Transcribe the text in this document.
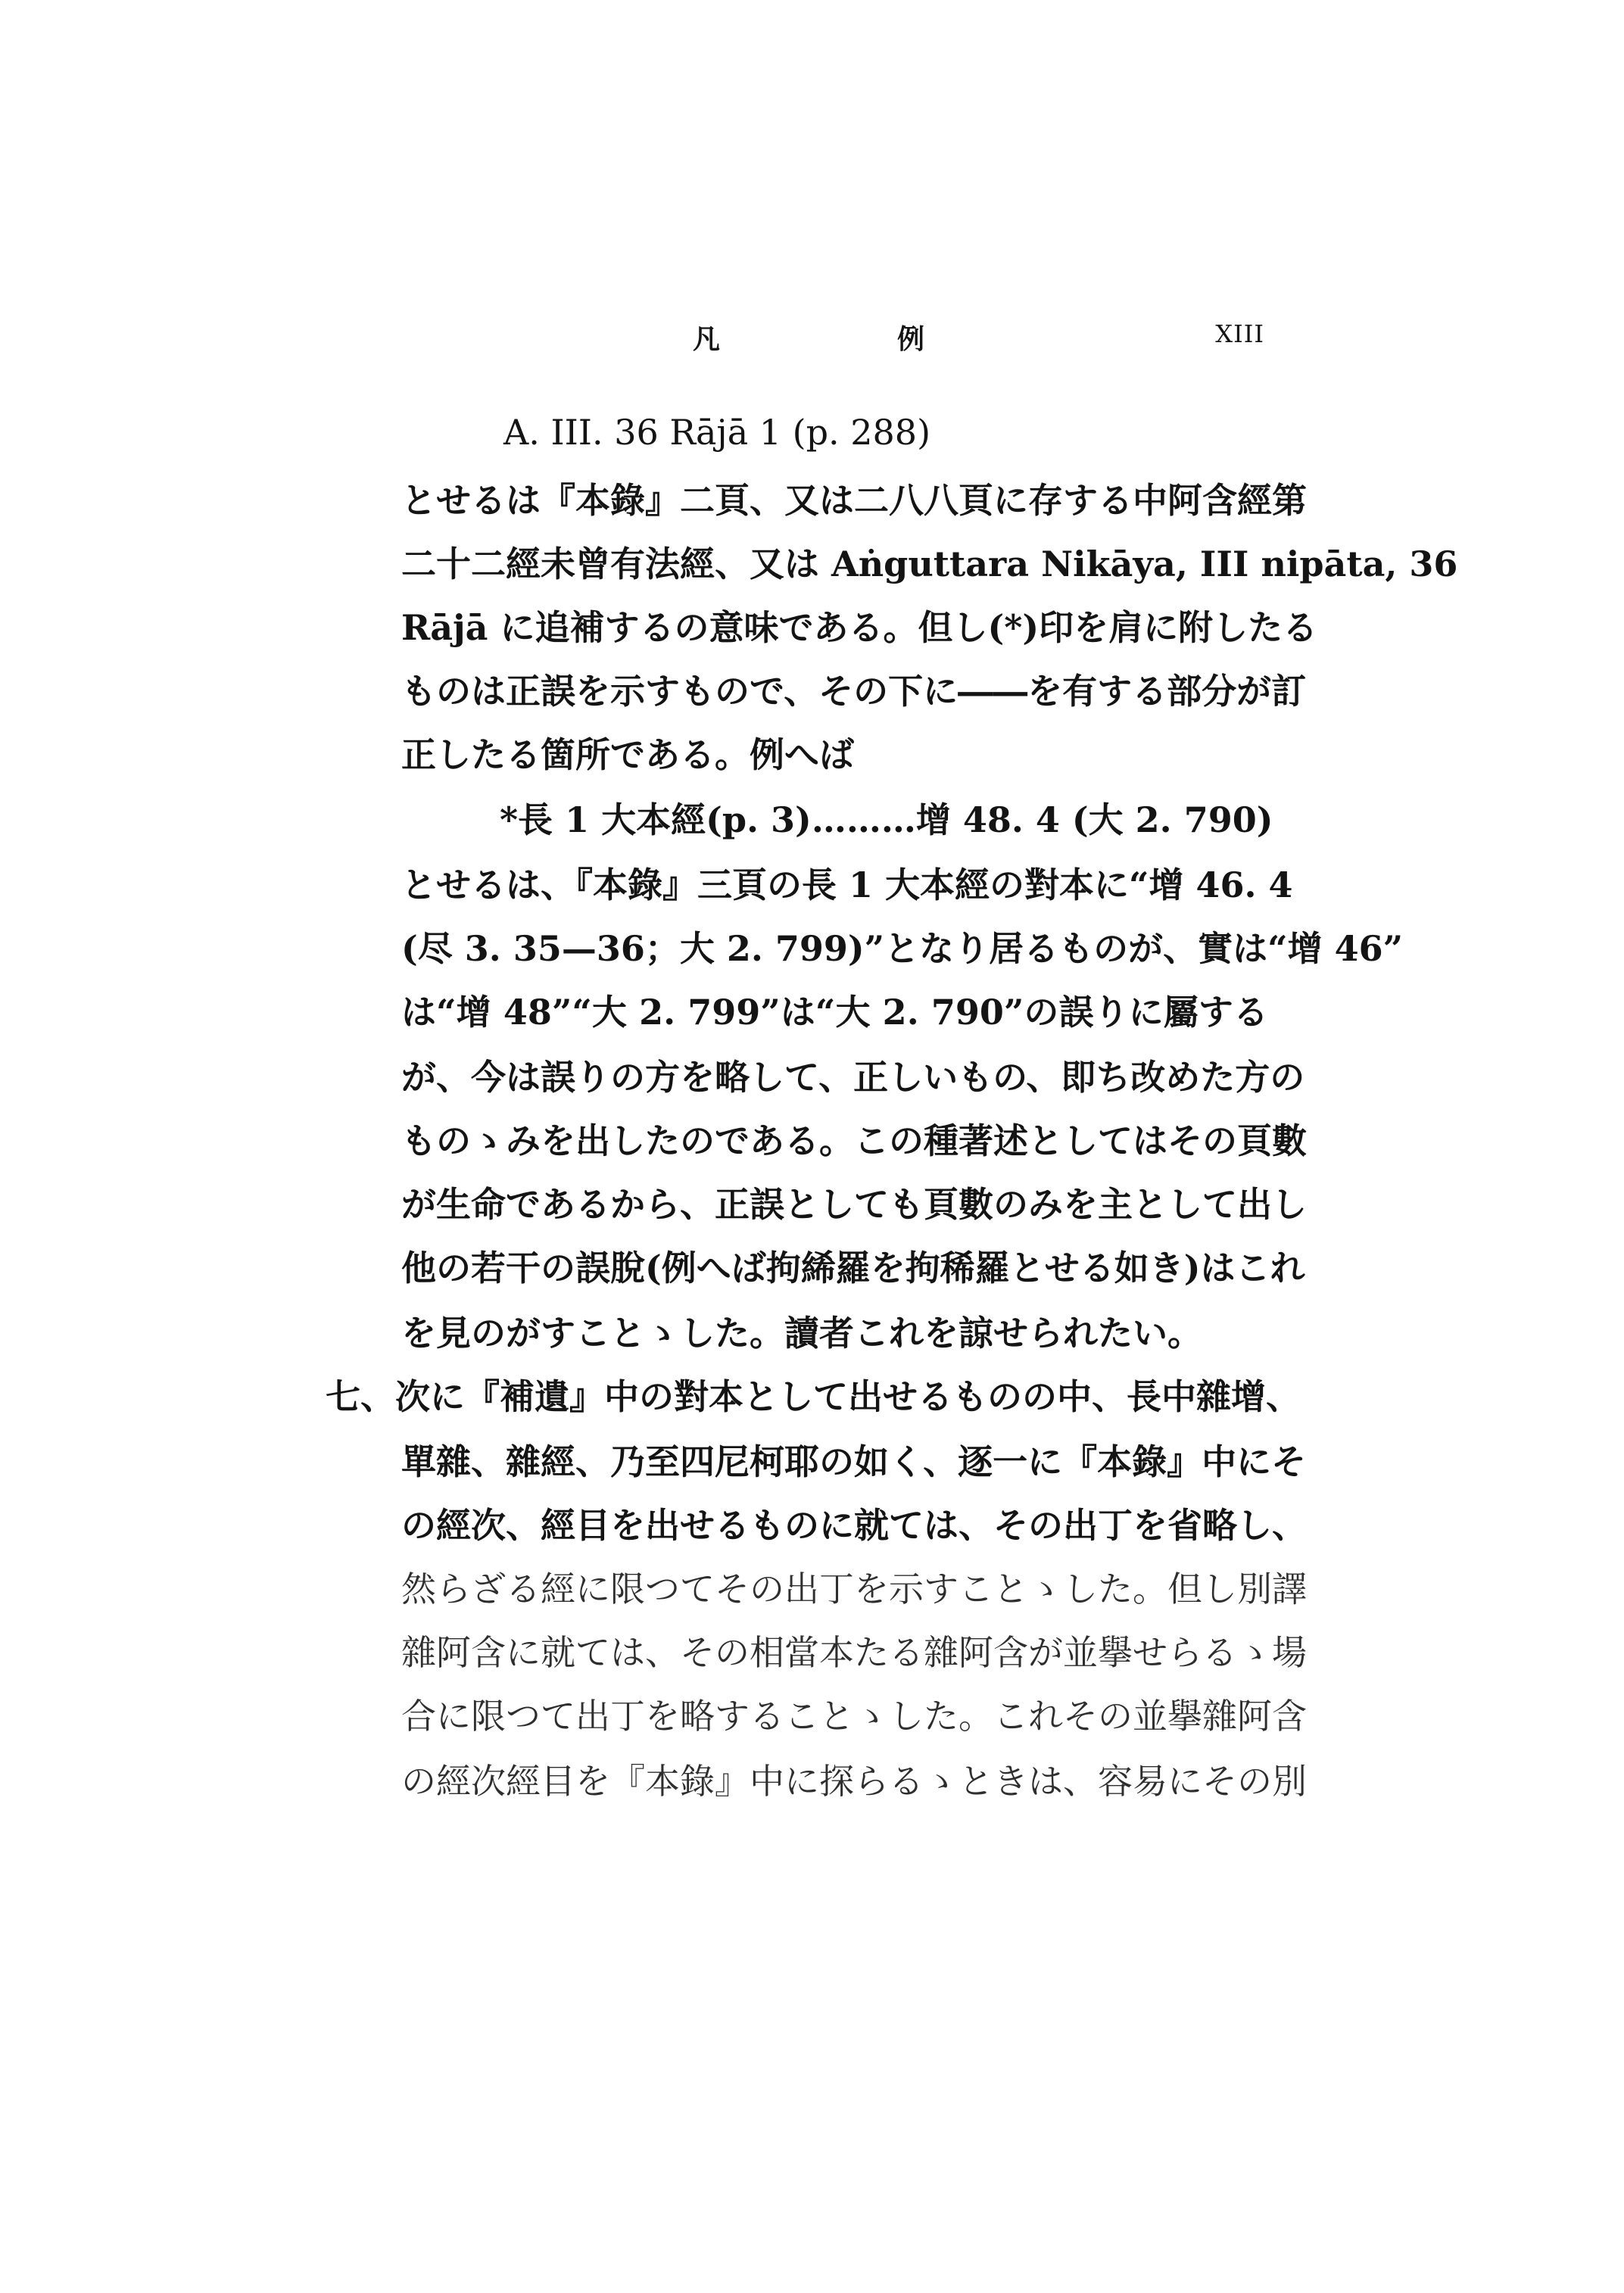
凡	例	XIII
A. III. 36 Rājā 1 (p. 288)
とせるは『本錄』二頁、又は二八八頁に存する中阿含經第
二十二經未曾有法經、又は Aṅguttara Nikāya, III nipāta, 36
Rājā に追補するの意味である。但し(*)印を肩に附したる
ものは正誤を示すもので、その下に――を有する部分が訂
正したる箇所である。例へば
*長 1 大本經(p. 3)………增 48. 4 (大 2. 790)
とせるは、『本錄』三頁の長 1 大本經の對本に“增 46. 4
(尽 3. 35—36；大 2. 799)”となり居るものが、實は“增 46”
は“增 48”“大 2. 799”は“大 2. 790”の誤りに屬する
が、今は誤りの方を略して、正しいもの、即ち改めた方の
ものゝみを出したのである。この種著述としてはその頁數
が生命であるから、正誤としても頁數のみを主として出し
他の若干の誤脫(例へば拘絺羅を拘稀羅とせる如き)はこれ
を見のがすことゝした。讀者これを諒せられたい。
七、次に『補遺』中の對本として出せるものの中、長中雜增、
單雜、雜經、乃至四尼柯耶の如く、逐一に『本錄』中にそ
の經次、經目を出せるものに就ては、その出丁を省略し、
然らざる經に限つてその出丁を示すことゝした。但し別譯
雜阿含に就ては、その相當本たる雜阿含が並擧せらるゝ場
合に限つて出丁を略することゝした。これその並擧雜阿含
の經次經目を『本錄』中に探らるゝときは、容易にその別
